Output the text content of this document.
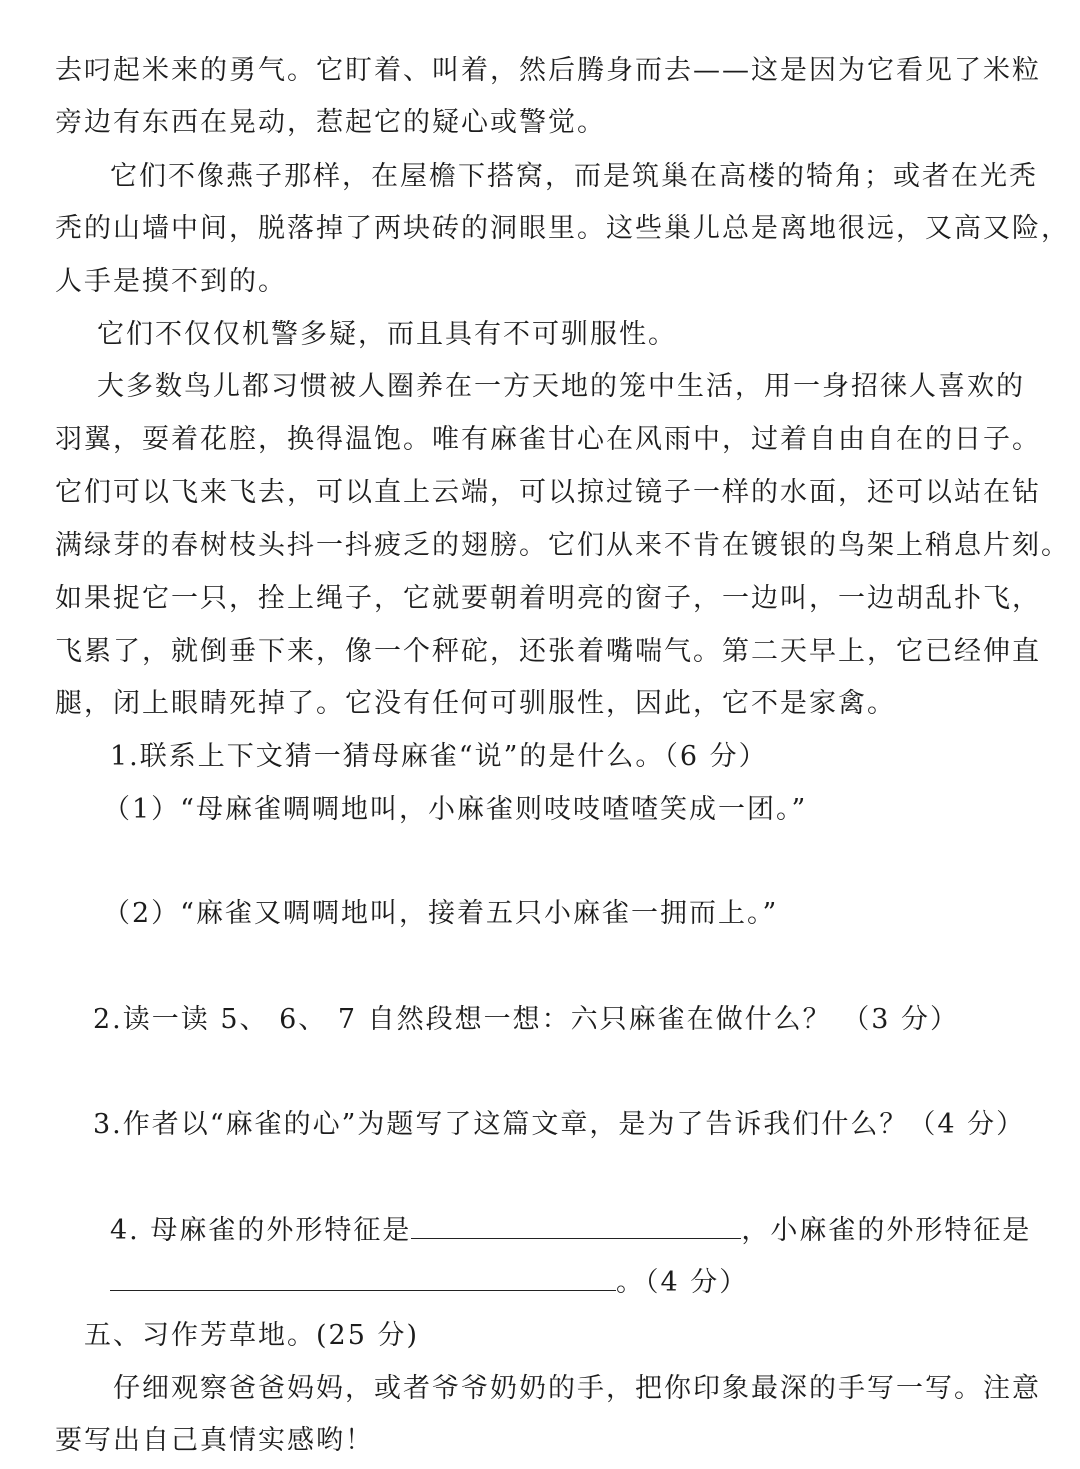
去叼起米来的勇气。它盯着、叫着，然后腾身而去——这是因为它看见了米粒
旁边有东西在晃动，惹起它的疑心或警觉。
它们不像燕子那样，在屋檐下搭窝，而是筑巢在高楼的犄角；或者在光秃
秃的山墙中间，脱落掉了两块砖的洞眼里。这些巢儿总是离地很远，又高又险，
人手是摸不到的。
它们不仅仅机警多疑，而且具有不可驯服性。
大多数鸟儿都习惯被人圈养在一方天地的笼中生活，用一身招徕人喜欢的
羽翼，耍着花腔，换得温饱。唯有麻雀甘心在风雨中，过着自由自在的日子。
它们可以飞来飞去，可以直上云端，可以掠过镜子一样的水面，还可以站在钻
满绿芽的春树枝头抖一抖疲乏的翅膀。它们从来不肯在镀银的鸟架上稍息片刻。
如果捉它一只，拴上绳子，它就要朝着明亮的窗子，一边叫，一边胡乱扑飞，
飞累了，就倒垂下来，像一个秤砣，还张着嘴喘气。第二天早上，它已经伸直
腿，闭上眼睛死掉了。它没有任何可驯服性，因此，它不是家禽。
1.联系上下文猜一猜母麻雀“说”的是什么。（6 分）
（1）“母麻雀啁啁地叫，小麻雀则吱吱喳喳笑成一团。”
（2）“麻雀又啁啁地叫，接着五只小麻雀一拥而上。”
2.读一读 5、 6、 7 自然段想一想：六只麻雀在做什么？ （3 分）
3.作者以“麻雀的心”为题写了这篇文章，是为了告诉我们什么？（4 分）
4. 母麻雀的外形特征是	，小麻雀的外形特征是
。（4 分）
五、习作芳草地。(25 分)
仔细观察爸爸妈妈，或者爷爷奶奶的手，把你印象最深的手写一写。注意
要写出自己真情实感哟！
